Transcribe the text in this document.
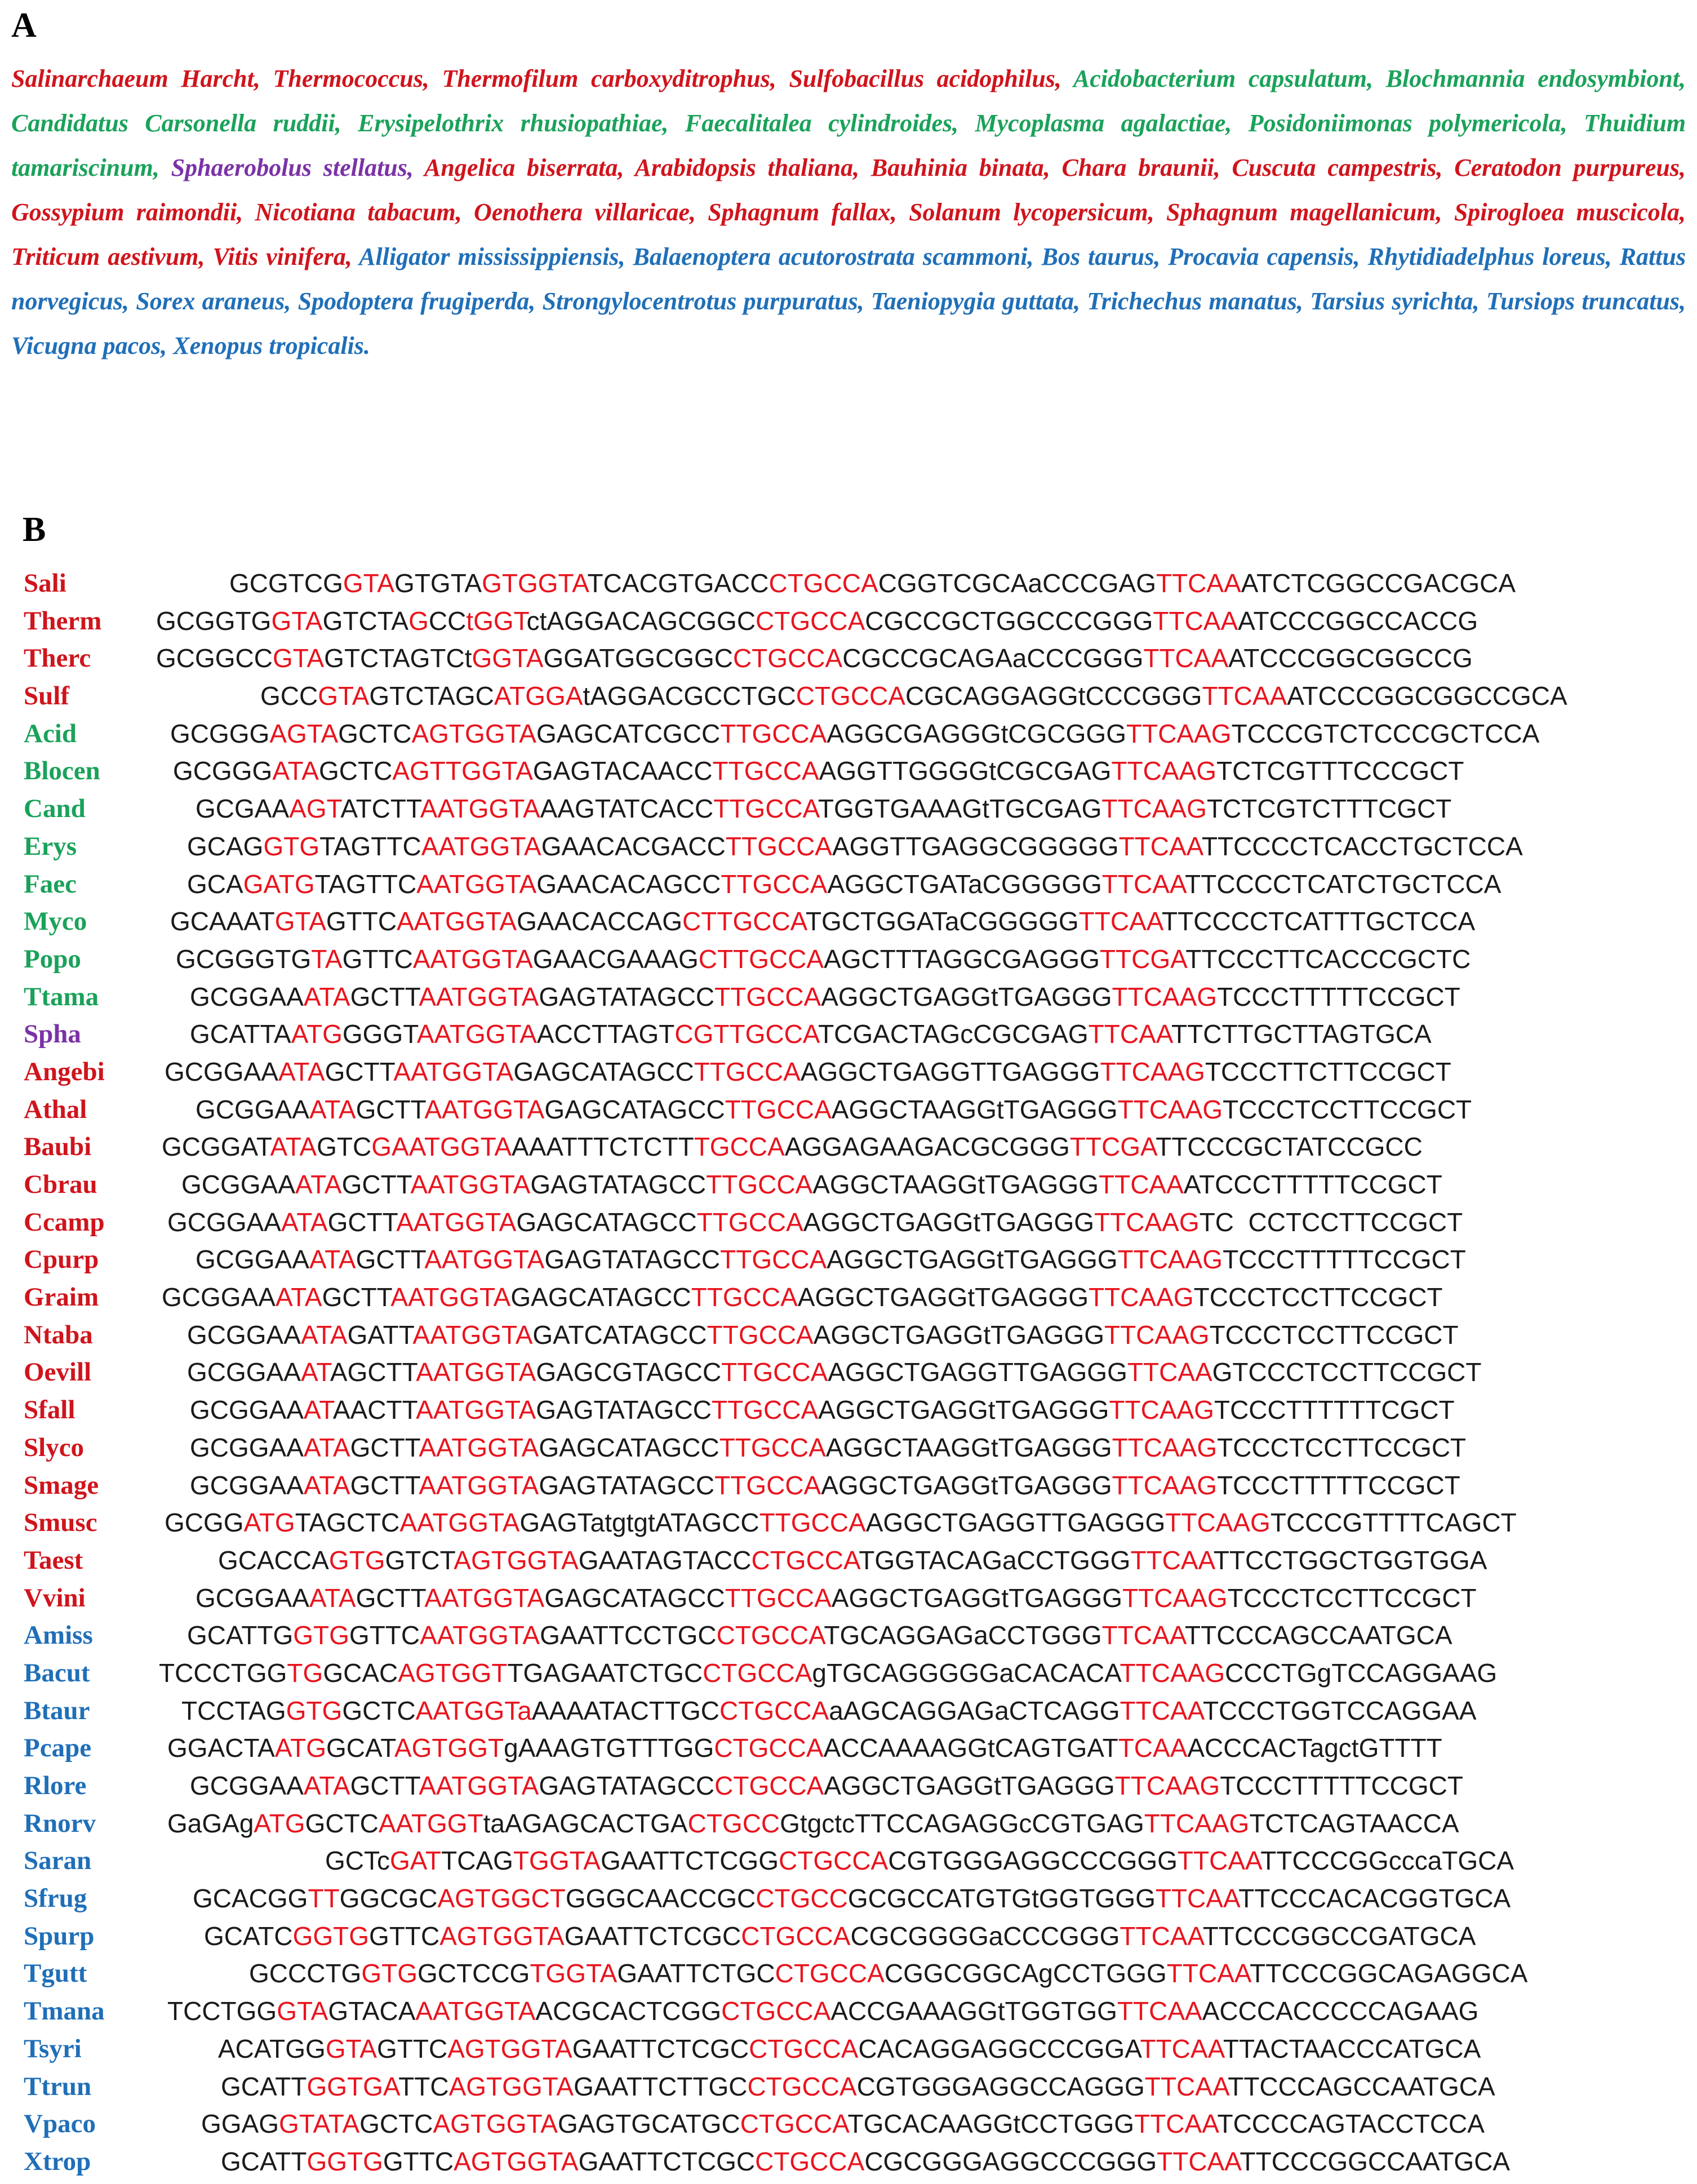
A
Salinarchaeum Harcht, Thermococcus, Thermofilum carboxyditrophus, Sulfobacillus acidophilus, Acidobacterium capsulatum, Blochmannia endosymbiont, Candidatus Carsonella ruddii, Erysipelothrix rhusiopathiae, Faecalitalea cylindroides, Mycoplasma agalactiae, Posidoniimonas polymericola, Thuidium tamariscinum, Sphaerobolus stellatus, Angelica biserrata, Arabidopsis thaliana, Bauhinia binata, Chara braunii, Cuscuta campestris, Ceratodon purpureus, Gossypium raimondii, Nicotiana tabacum, Oenothera villaricae, Sphagnum fallax, Solanum lycopersicum, Sphagnum magellanicum, Spirogloea muscicola, Triticum aestivum, Vitis vinifera, Alligator mississippiensis, Balaenoptera acutorostrata scammoni, Bos taurus, Procavia capensis, Rhytidiadelphus loreus, Rattus norvegicus, Sorex araneus, Spodoptera frugiperda, Strongylocentrotus purpuratus, Taeniopygia guttata, Trichechus manatus, Tarsius syrichta, Tursiops truncatus, Vicugna pacos, Xenopus tropicalis.
B
Sali	GCGTCGGTAGTGTAGTGGTATCACGTGACCCTGCCACGGTCGCAaCCCGAGTTCAAATCTCGGCCGACGCA
Therm GCGGTGGTAGTCTAGCCtGGTctAGGACAGCGGCCTGCCACGCCGCTGGCCCGGGTTCAAATCCCGGCCACCG
Therc	GCGGCCGTAGTCTAGTCtGGTAGGATGGCGGCCTGCCACGCCGCAGAaCCCGGGTTCAAATCCCGGCGGCCG
Sulf	GCCGTAGTCTAGCATGGAtAGGACGCCTGCCTGCCACGCAGGAGGtCCCGGGTTCAAATCCCGGCGGCCGCA
Acid	GCGGGAGTAGCTCAGTGGTAGAGCATCGCCTTGCCAAGGCGAGGGtCGCGGGTTCAAGTCCCGTCTCCCGCTCCA
Blocen	GCGGGATAGCTCAGTTGGTAGAGTACAACCTTGCCAAGGTTGGGGtCGCGAGTTCAAGTCTCGTTTCCCGCT
Cand	GCGAAAGTATCTTAATGGTAAAGTATCACCTTGCCATGGTGAAAGtTGCGAGTTCAAGTCTCGTCTTTCGCT
Erys	GCAGGTGTAGTTCAATGGTAGAACACGACCTTGCCAAGGTTGAGGCGGGGGTTCAATTCCCCTCACCTGCTCCA
Faec	GCAGATGTAGTTCAATGGTAGAACACAGCCTTGCCAAGGCTGATaCGGGGGTTCAATTCCCCTCATCTGCTCCA
Myco	GCAAATGTAGTTCAATGGTAGAACACCAGCTTGCCATGCTGGATaCGGGGGTTCAATTCCCCTCATTTGCTCCA
Popo	GCGGGTGTAGTTCAATGGTAGAACGAAAGCTTGCCAAGCTTTAGGCGAGGGTTCGATTCCCTTCACCCGCTC
Ttama	GCGGAAATAGCTTAATGGTAGAGTATAGCCTTGCCAAGGCTGAGGtTGAGGGTTCAAGTCCCTTTTTCCGCT
Spha	GCATTAATGGGGTAATGGTAACCTTAGTCGTTGCCATCGACTAGcCGCGAGTTCAATTCTTGCTTAGTGCA
Angebi GCGGAAATAGCTTAATGGTAGAGCATAGCCTTGCCAAGGCTGAGGTTGAGGGTTCAAGTCCCTTCTTCCGCT
Athal	GCGGAAATAGCTTAATGGTAGAGCATAGCCTTGCCAAGGCTAAGGtTGAGGGTTCAAGTCCCTCCTTCCGCT
Baubi	GCGGATATAGTCGAATGGTAAAATTTCTCTTTGCCAAGGAGAAGACGCGGGTTCGATTCCCGCTATCCGCC
Cbrau	GCGGAAATAGCTTAATGGTAGAGTATAGCCTTGCCAAGGCTAAGGtTGAGGGTTCAAATCCCTTTTTCCGCT
Ccamp GCGGAAATAGCTTAATGGTAGAGCATAGCCTTGCCAAGGCTGAGGtTGAGGGTTCAAGTC  CCTCCTTCCGCT
Cpurp	GCGGAAATAGCTTAATGGTAGAGTATAGCCTTGCCAAGGCTGAGGtTGAGGGTTCAAGTCCCTTTTTCCGCT
Graim GCGGAAATAGCTTAATGGTAGAGCATAGCCTTGCCAAGGCTGAGGtTGAGGGTTCAAGTCCCTCCTTCCGCT
Ntaba	GCGGAAATAGATTAATGGTAGATCATAGCCTTGCCAAGGCTGAGGtTGAGGGTTCAAGTCCCTCCTTCCGCT
Oevill	GCGGAAATAGCTTAATGGTAGAGCGTAGCCTTGCCAAGGCTGAGGTTGAGGGTTCAAGTCCCTCCTTCCGCT
Sfall	GCGGAAATAACTTAATGGTAGAGTATAGCCTTGCCAAGGCTGAGGtTGAGGGTTCAAGTCCCTTTTTTCGCT
Slyco	GCGGAAATAGCTTAATGGTAGAGCATAGCCTTGCCAAGGCTAAGGtTGAGGGTTCAAGTCCCTCCTTCCGCT
Smage	GCGGAAATAGCTTAATGGTAGAGTATAGCCTTGCCAAGGCTGAGGtTGAGGGTTCAAGTCCCTTTTTCCGCT
Smusc	GCGGATGTAGCTCAATGGTAGAGTatgtgtATAGCCTTGCCAAGGCTGAGGTTGAGGGTTCAAGTCCCGTTTTCAGCT
Taest	GCACCAGTGGTCTAGTGGTAGAATAGTACCCTGCCATGGTACAGaCCTGGGTTCAATTCCTGGCTGGTGGA
Vvini	GCGGAAATAGCTTAATGGTAGAGCATAGCCTTGCCAAGGCTGAGGtTGAGGGTTCAAGTCCCTCCTTCCGCT
Amiss	GCATTGGTGGTTCAATGGTAGAATTCCTGCCTGCCATGCAGGAGaCCTGGGTTCAATTCCCAGCCAATGCA
Bacut	TCCCTGGTGGCACAGTGGTTGAGAATCTGCCTGCCAgTGCAGGGGGaCACACATTCAAGCCCTGgTCCAGGAAG
Btaur	TCCTAGGTGGCTCAATGGTaAAAATACTTGCCTGCCAaAGCAGGAGaCTCAGGTTCAATCCCTGGTCCAGGAA
Pcape	GGACTAATGGCATAGTGGTgAAAGTGTTTGGCTGCCAACCAAAAGGtCAGTGATTCAAACCCACTagctGTTTT
Rlore	GCGGAAATAGCTTAATGGTAGAGTATAGCCCTGCCAAGGCTGAGGtTGAGGGTTCAAGTCCCTTTTTCCGCT
Rnorv	GaGAgATGGCTCAATGGTtaAGAGCACTGACTGCCGtgctcTTCCAGAGGcCGTGAGTTCAAGTCTCAGTAACCA
Saran	GCTcGATTCAGTGGTAGAATTCTCGGCTGCCACGTGGGAGGCCCGGGTTCAATTCCCGGcccaTGCA
Sfrug	GCACGGTTGGCGCAGTGGCTGGGCAACCGCCTGCCGCGCCATGTGtGGTGGGTTCAATTCCCACACGGTGCA
Spurp	GCATCGGTGGTTCAGTGGTAGAATTCTCGCCTGCCACGCGGGGaCCCGGGTTCAATTCCCGGCCGATGCA
Tgutt	GCCCTGGTGGCTCCGTGGTAGAATTCTGCCTGCCACGGCGGCAgCCTGGGTTCAATTCCCGGCAGAGGCA
Tmana TCCTGGGTAGTACAAATGGTAACGCACTCGGCTGCCAACCGAAAGGtTGGTGGTTCAAACCCACCCCCAGAAG
Tsyri	ACATGGGTAGTTCAGTGGTAGAATTCTCGCCTGCCACACAGGAGGCCCGGATTCAATTACTAACCCATGCA
Ttrun	GCATTGGTGATTCAGTGGTAGAATTCTTGCCTGCCACGTGGGAGGCCAGGGTTCAATTCCCAGCCAATGCA
Vpaco	GGAGGTATAGCTCAGTGGTAGAGTGCATGCCTGCCATGCACAAGGtCCTGGGTTCAATCCCCAGTACCTCCA
Xtrop	GCATTGGTGGTTCAGTGGTAGAATTCTCGCCTGCCACGCGGGAGGCCCGGGTTCAATTCCCGGCCAATGCA
